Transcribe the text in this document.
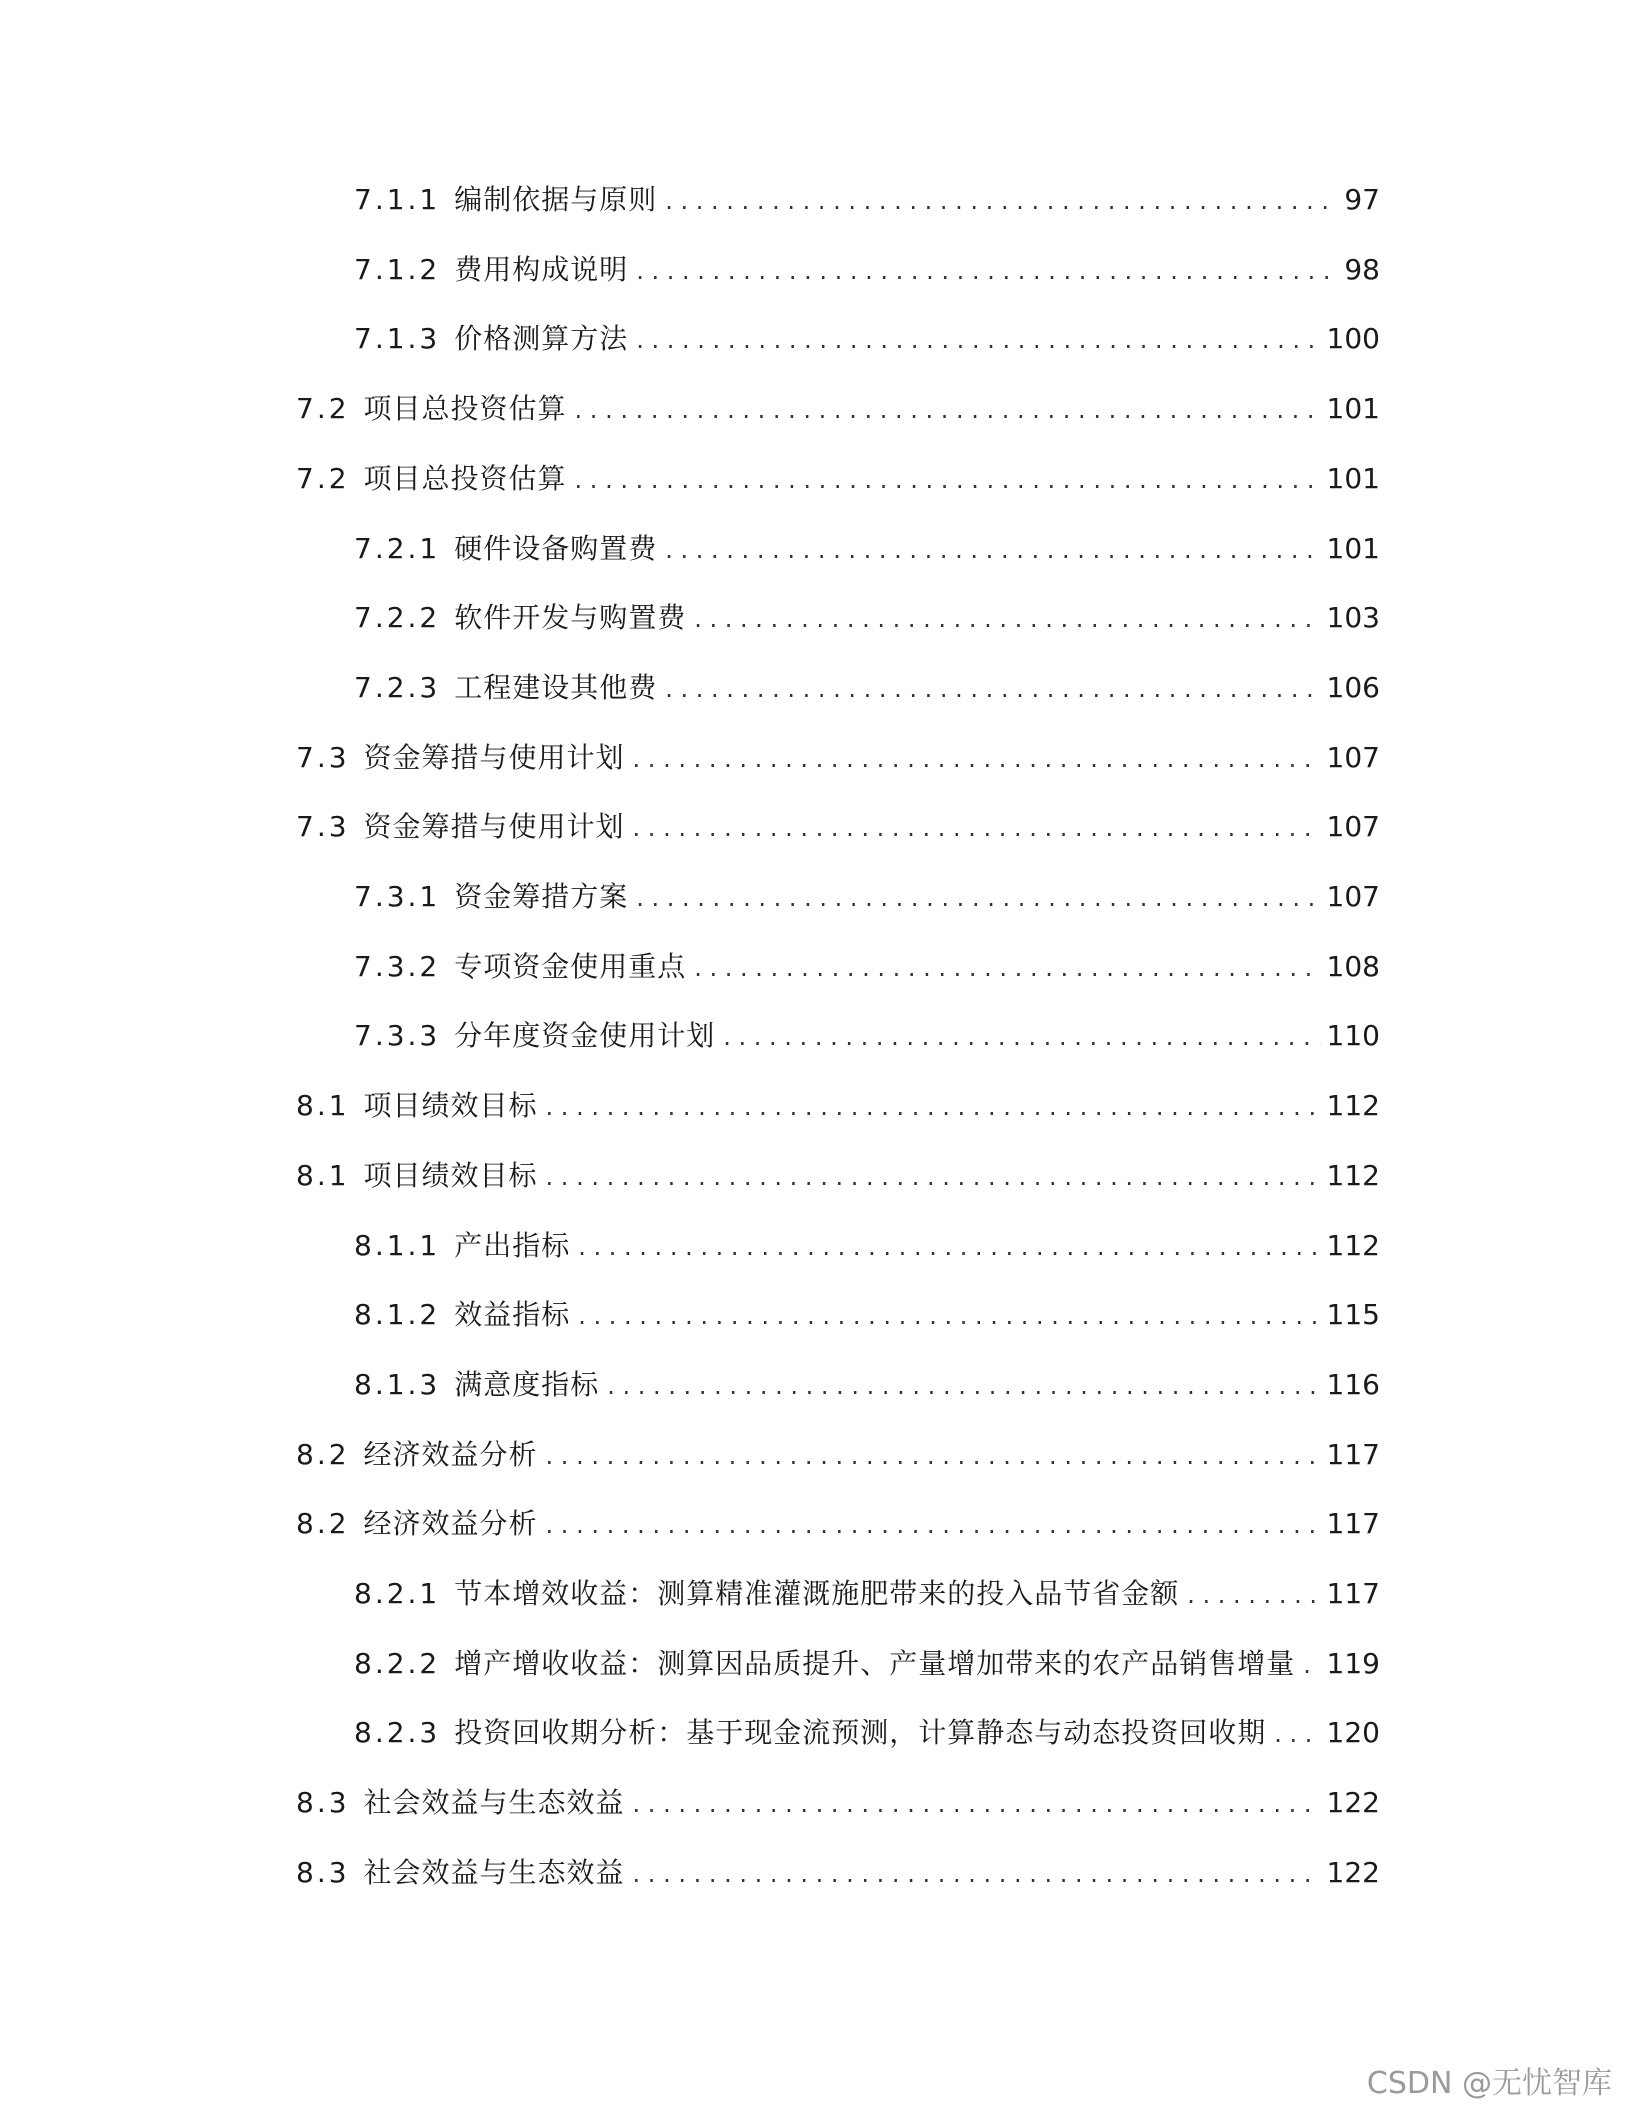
7.1.1 编制依据与原则 . . .	97
7.1.2 费用构成说明 . . .	98
7.1.3 价格测算方法 . . .	100
7.2 项目总投资估算 . . .	101
7.2 项目总投资估算 . . .	101
7.2.1 硬件设备购置费 . . .	101
7.2.2 软件开发与购置费 . . .	103
7.2.3 工程建设其他费 . . .	106
7.3 资金筹措与使用计划 . . .	107
7.3 资金筹措与使用计划 . . .	107
7.3.1 资金筹措方案 . . .	107
7.3.2 专项资金使用重点 . . .	108
7.3.3 分年度资金使用计划 . . .	110
8.1 项目绩效目标 . . .	112
8.1 项目绩效目标 . . .	112
8.1.1 产出指标 . . .	112
8.1.2 效益指标 . . .	115
8.1.3 满意度指标 . . .	116
8.2 经济效益分析 . . .	117
8.2 经济效益分析 . . .	117
8.2.1 节本增效收益：测算精准灌溉施肥带来的投入品节省金额 . . .	117
8.2.2 增产增收收益：测算因品质提升、产量增加带来的农产品销售增量 . . . 119
8.2.3 投资回收期分析：基于现金流预测，计算静态与动态投资回收期 . . . 120
8.3 社会效益与生态效益 . . .	122
8.3 社会效益与生态效益 . . .	122
CSDN @无忧智库
